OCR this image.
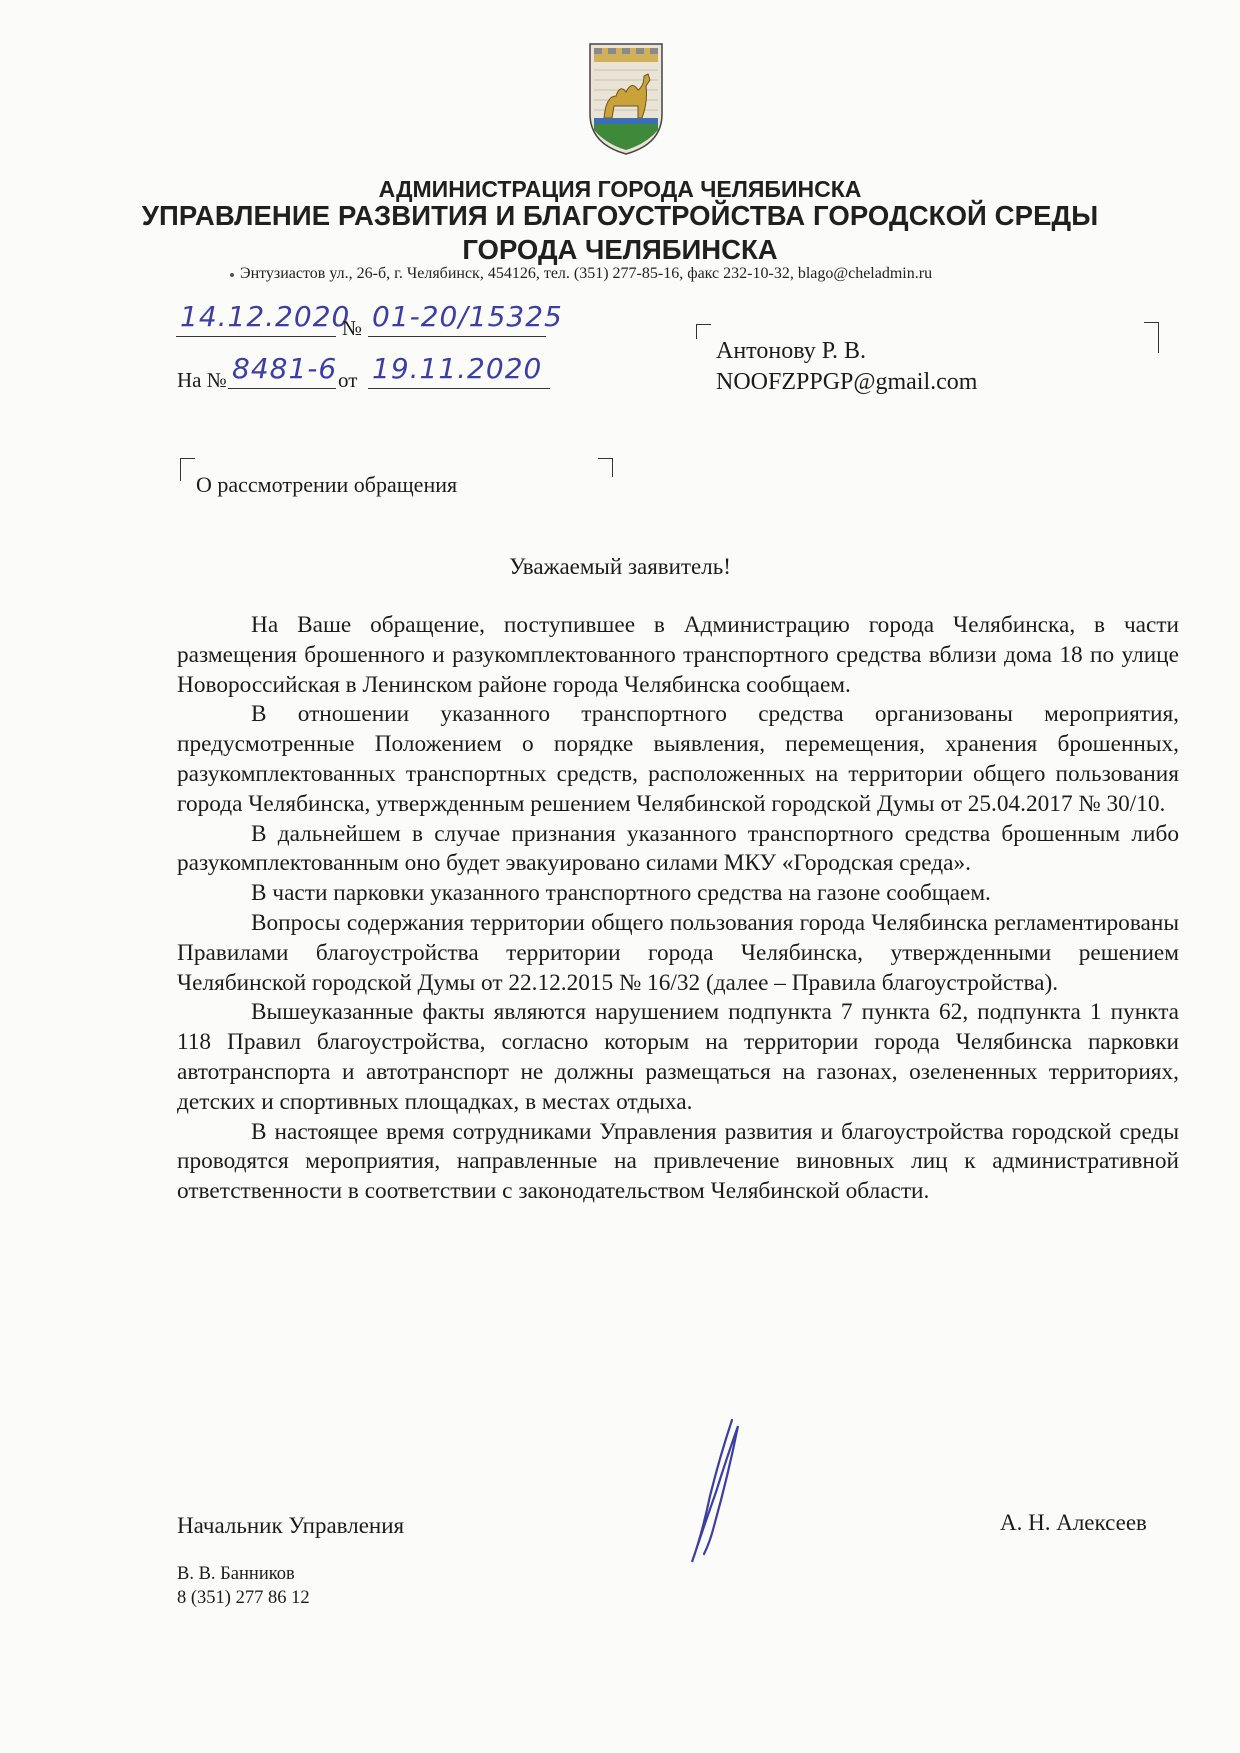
АДМИНИСТРАЦИЯ ГОРОДА ЧЕЛЯБИНСКА
УПРАВЛЕНИЕ РАЗВИТИЯ И БЛАГОУСТРОЙСТВА ГОРОДСКОЙ СРЕДЫ
ГОРОДА ЧЕЛЯБИНСКА
Энтузиастов ул., 26-б, г. Челябинск, 454126, тел. (351) 277-85-16, факс 232-10-32, blago@cheladmin.ru
14.12.2020
№ 01-20/15325
На № 8481-6 от 19.11.2020
Антонову Р. В.
NOOFZPPGP@gmail.com
О рассмотрении обращения
Уважаемый заявитель!

На Ваше обращение, поступившее в Администрацию города Челябинска, в части размещения брошенного и разукомплектованного транспортного средства вблизи дома 18 по улице Новороссийская в Ленинском районе города Челябинска сообщаем.

В отношении указанного транспортного средства организованы мероприятия, предусмотренные Положением о порядке выявления, перемещения, хранения брошенных, разукомплектованных транспортных средств, расположенных на территории общего пользования города Челябинска, утвержденным решением Челябинской городской Думы от 25.04.2017 № 30/10.

В дальнейшем в случае признания указанного транспортного средства брошенным либо разукомплектованным оно будет эвакуировано силами МКУ «Городская среда».

В части парковки указанного транспортного средства на газоне сообщаем.

Вопросы содержания территории общего пользования города Челябинска регламентированы Правилами благоустройства территории города Челябинска, утвержденными решением Челябинской городской Думы от 22.12.2015 № 16/32 (далее – Правила благоустройства).

Вышеуказанные факты являются нарушением подпункта 7 пункта 62, подпункта 1 пункта 118 Правил благоустройства, согласно которым на территории города Челябинска парковки автотранспорта и автотранспорт не должны размещаться на газонах, озелененных территориях, детских и спортивных площадках, в местах отдыха.

В настоящее время сотрудниками Управления развития и благоустройства городской среды проводятся мероприятия, направленные на привлечение виновных лиц к административной ответственности в соответствии с законодательством Челябинской области.

Начальник Управления	А. Н. Алексеев
В. В. Банников
8 (351) 277 86 12
